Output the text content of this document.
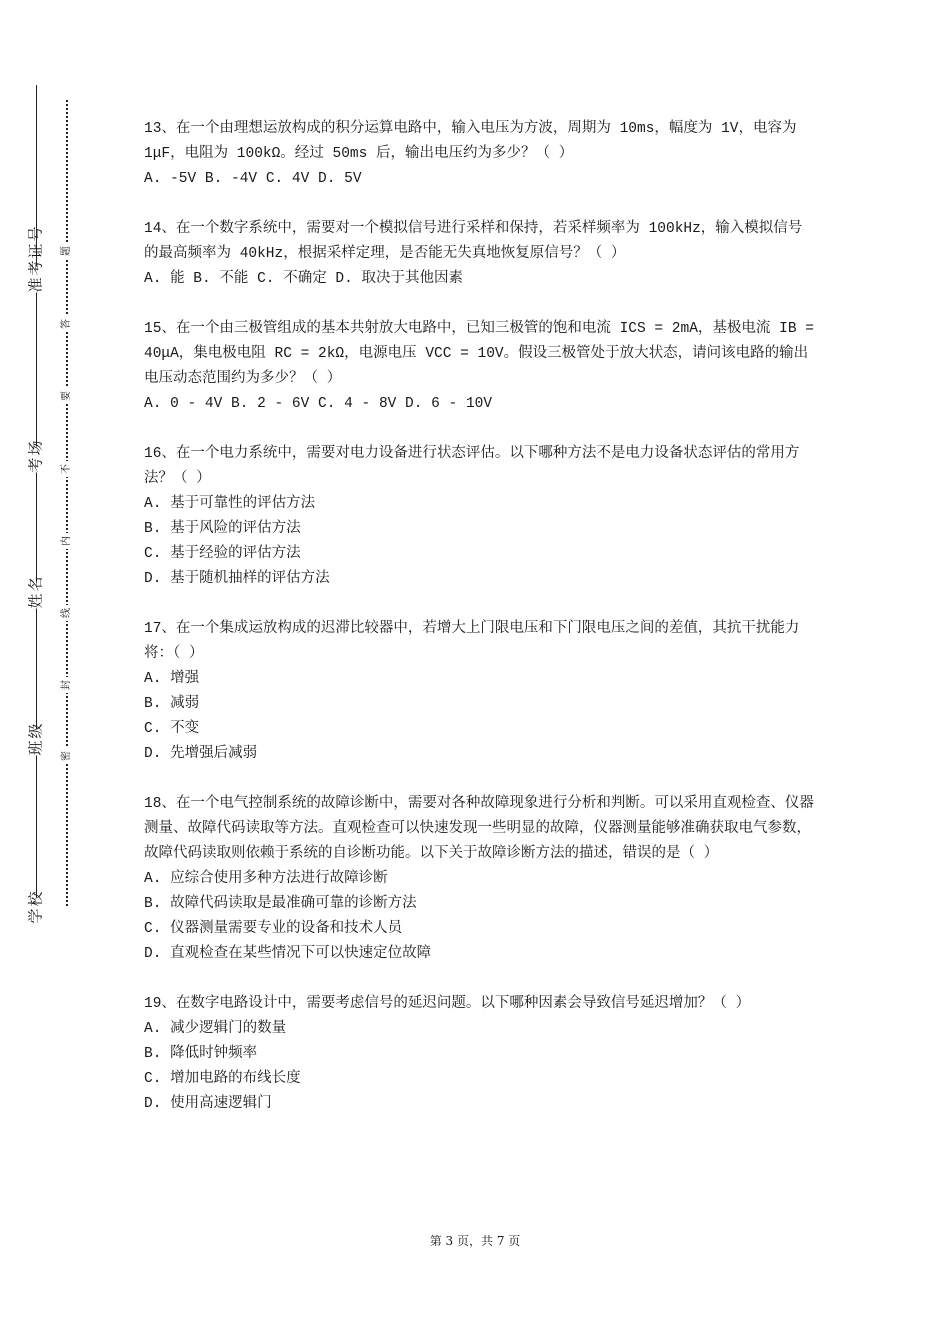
准考证号
考场
姓名
班级
学校
题
答
要
不
内
线
封
密

13、在一个由理想运放构成的积分运算电路中，输入电压为方波，周期为 10ms，幅度为 1V，电容为 1μF，电阻为 100kΩ。经过 50ms 后，输出电压约为多少？（ ）

A. -5V B. -4V C. 4V D. 5V

14、在一个数字系统中，需要对一个模拟信号进行采样和保持，若采样频率为 100kHz，输入模拟信号的最高频率为 40kHz，根据采样定理，是否能无失真地恢复原信号？（ ）

A. 能 B. 不能 C. 不确定 D. 取决于其他因素

15、在一个由三极管组成的基本共射放大电路中，已知三极管的饱和电流 ICS = 2mA，基极电流 IB = 40μA，集电极电阻 RC = 2kΩ，电源电压 VCC = 10V。假设三极管处于放大状态，请问该电路的输出电压动态范围约为多少？（ ）

A. 0 - 4V B. 2 - 6V C. 4 - 8V D. 6 - 10V

16、在一个电力系统中，需要对电力设备进行状态评估。以下哪种方法不是电力设备状态评估的常用方法？（ ）

A. 基于可靠性的评估方法

B. 基于风险的评估方法

C. 基于经验的评估方法

D. 基于随机抽样的评估方法

17、在一个集成运放构成的迟滞比较器中，若增大上门限电压和下门限电压之间的差值，其抗干扰能力将：（ ）

A. 增强

B. 减弱

C. 不变

D. 先增强后减弱

18、在一个电气控制系统的故障诊断中，需要对各种故障现象进行分析和判断。可以采用直观检查、仪器测量、故障代码读取等方法。直观检查可以快速发现一些明显的故障，仪器测量能够准确获取电气参数，故障代码读取则依赖于系统的自诊断功能。以下关于故障诊断方法的描述，错误的是（ ）

A. 应综合使用多种方法进行故障诊断

B. 故障代码读取是最准确可靠的诊断方法

C. 仪器测量需要专业的设备和技术人员

D. 直观检查在某些情况下可以快速定位故障

19、在数字电路设计中，需要考虑信号的延迟问题。以下哪种因素会导致信号延迟增加？（ ）

A. 减少逻辑门的数量

B. 降低时钟频率

C. 增加电路的布线长度

D. 使用高速逻辑门

第 3 页，共 7 页
